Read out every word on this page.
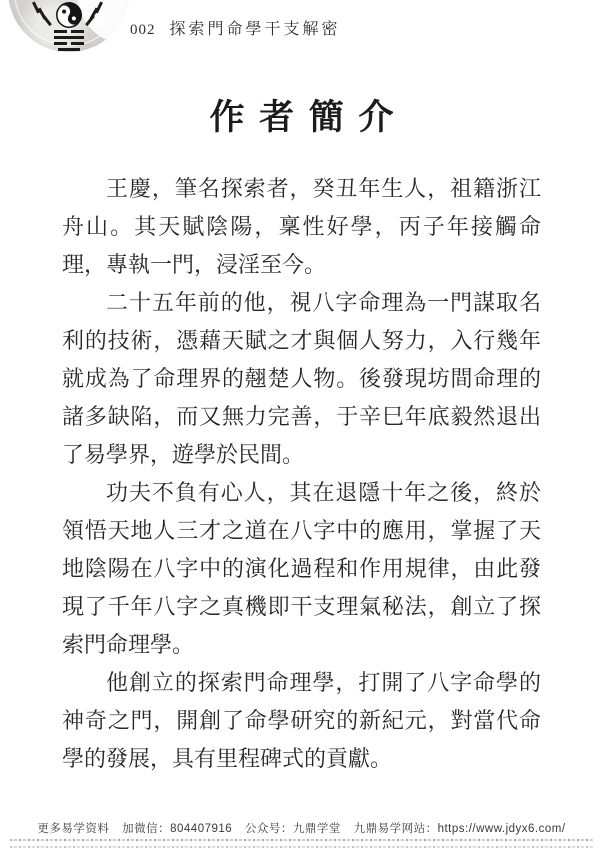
002 探索門命學干支解密
作者簡介

王慶，筆名探索者，癸丑年生人，祖籍浙江舟山。其天賦陰陽，稟性好學，丙子年接觸命理，專執一門，浸淫至今。

二十五年前的他，視八字命理為一門謀取名利的技術，憑藉天賦之才與個人努力，入行幾年就成為了命理界的翹楚人物。後發現坊間命理的諸多缺陷，而又無力完善，于辛巳年底毅然退出了易學界，遊學於民間。

功夫不負有心人，其在退隱十年之後，終於領悟天地人三才之道在八字中的應用，掌握了天地陰陽在八字中的演化過程和作用規律，由此發現了千年八字之真機即干支理氣秘法，創立了探索門命理學。

他創立的探索門命理學，打開了八字命學的神奇之門，開創了命學研究的新紀元，對當代命學的發展，具有里程碑式的貢獻。

更多易学资料 加微信：804407916 公众号：九鼎学堂 九鼎易学网站：https://www.jdyx6.com/
